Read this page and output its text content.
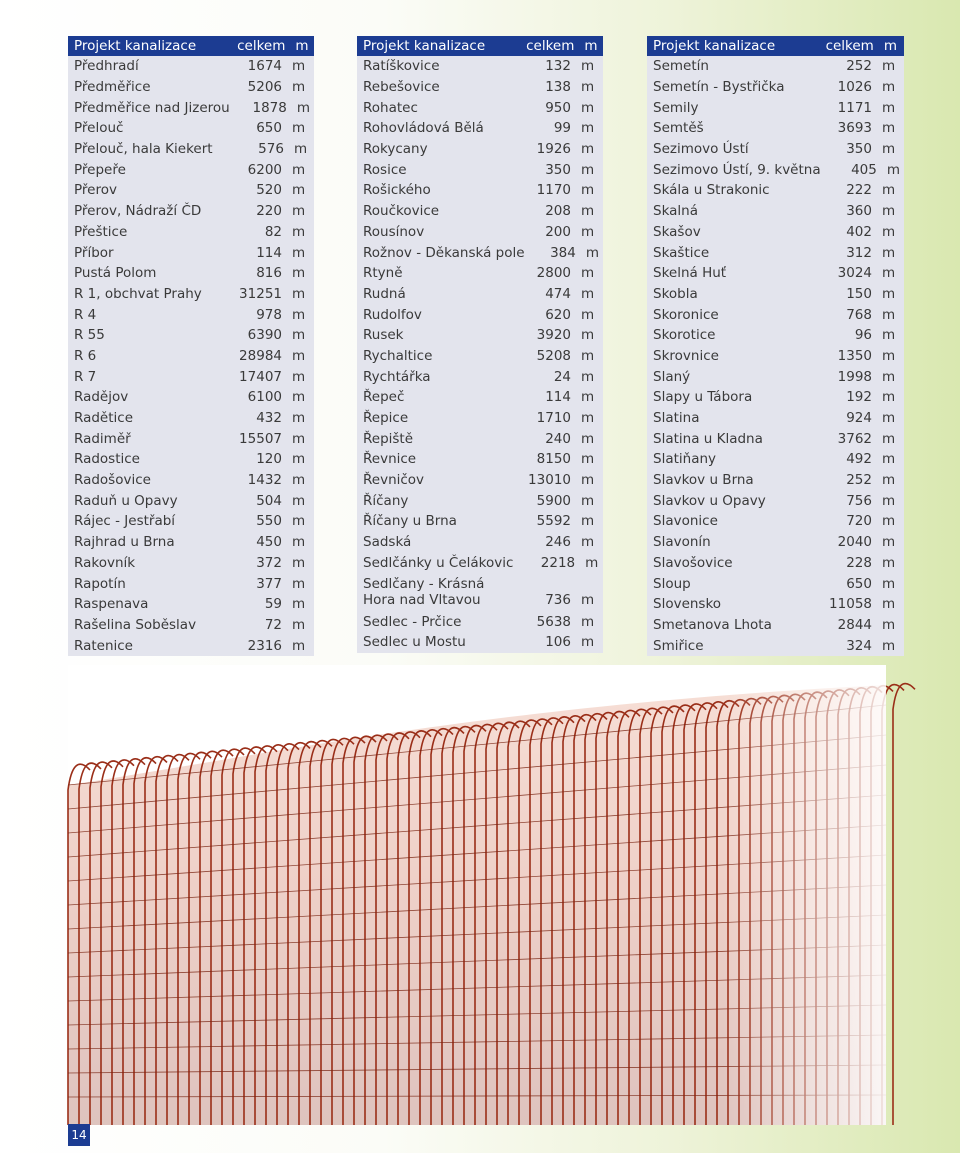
Projekt kanalizace	celkem m
Předhradí	1674 m
Předměřice	5206 m
Předměřice nad Jizerou	1878 m
Přelouč	650 m
Přelouč, hala Kiekert	576 m
Přepeře	6200 m
Přerov	520 m
Přerov, Nádraží ČD	220 m
Přeštice	82 m
Příbor	114 m
Pustá Polom	816 m
R 1, obchvat Prahy	31251 m
R 4	978 m
R 55	6390 m
R 6	28984 m
R 7	17407 m
Radějov	6100 m
Radětice	432 m
Radiměř	15507 m
Radostice	120 m
Radošovice	1432 m
Raduň u Opavy	504 m
Rájec - Jestřabí	550 m
Rajhrad u Brna	450 m
Rakovník	372 m
Rapotín	377 m
Raspenava	59 m
Rašelina Soběslav	72 m
Ratenice	2316 m
Projekt kanalizace	celkem m
Ratíškovice	132 m
Rebešovice	138 m
Rohatec	950 m
Rohovládová Bělá	99 m
Rokycany	1926 m
Rosice	350 m
Rošického	1170 m
Roučkovice	208 m
Rousínov	200 m
Rožnov - Děkanská pole	384 m
Rtyně	2800 m
Rudná	474 m
Rudolfov	620 m
Rusek	3920 m
Rychaltice	5208 m
Rychtářka	24 m
Řepeč	114 m
Řepice	1710 m
Řepiště	240 m
Řevnice	8150 m
Řevničov	13010 m
Říčany	5900 m
Říčany u Brna	5592 m
Sadská	246 m
Sedlčánky u Čelákovic	2218 m
Sedlčany - Krásná Hora nad Vltavou	736 m
Sedlec - Prčice	5638 m
Sedlec u Mostu	106 m
Projekt kanalizace	celkem m
Semetín	252 m
Semetín - Bystřička	1026 m
Semily	1171 m
Semtěš	3693 m
Sezimovo Ústí	350 m
Sezimovo Ústí, 9. května	405 m
Skála u Strakonic	222 m
Skalná	360 m
Skašov	402 m
Skaštice	312 m
Skelná Huť	3024 m
Skobla	150 m
Skoronice	768 m
Skorotice	96 m
Skrovnice	1350 m
Slaný	1998 m
Slapy u Tábora	192 m
Slatina	924 m
Slatina u Kladna	3762 m
Slatiňany	492 m
Slavkov u Brna	252 m
Slavkov u Opavy	756 m
Slavonice	720 m
Slavonín	2040 m
Slavošovice	228 m
Sloup	650 m
Slovensko	11058 m
Smetanova Lhota	2844 m
Smiřice	324 m
14
